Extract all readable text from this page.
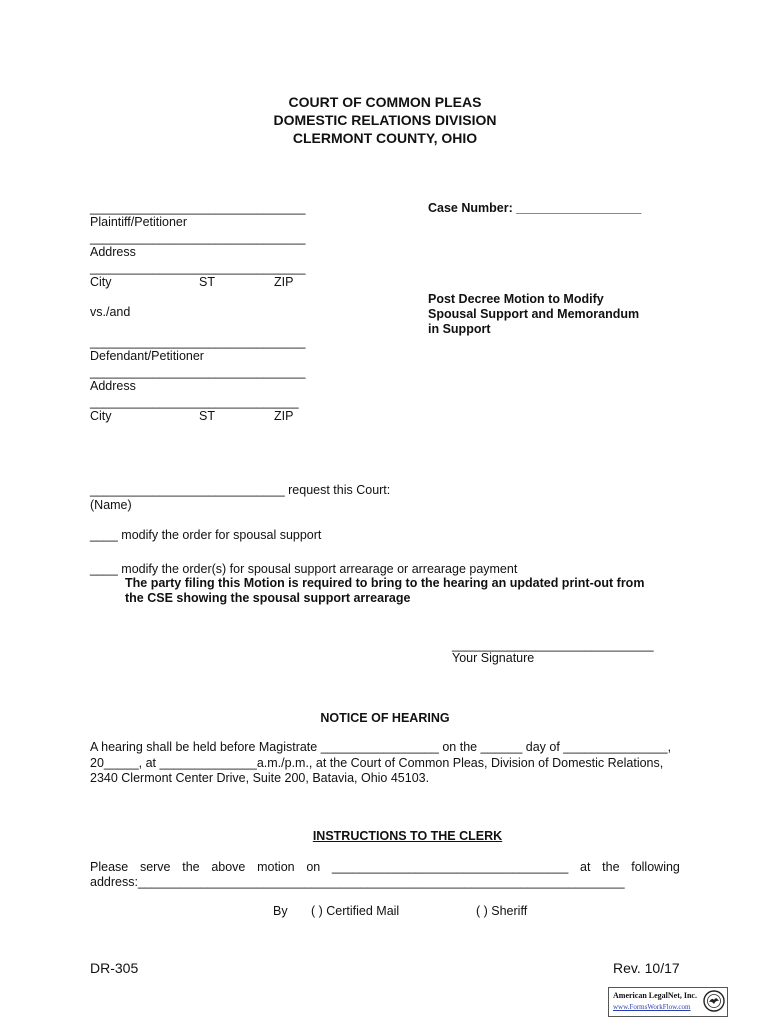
COURT OF COMMON PLEAS
DOMESTIC RELATIONS DIVISION
CLERMONT COUNTY, OHIO
_______________________________
Plaintiff/Petitioner
_______________________________
Address
_______________________________
City	ST	ZIP
vs./and
_______________________________
Defendant/Petitioner
_______________________________
Address
______________________________
City	ST	ZIP
Case Number: __________________
Post Decree Motion to Modify
Spousal Support and Memorandum
in Support
____________________________ request this Court:
(Name)
____ modify the order for spousal support
____ modify the order(s) for spousal support arrearage or arrearage payment
The party filing this Motion is required to bring to the hearing an updated print-out from
the CSE showing the spousal support arrearage
_____________________________
Your Signature
NOTICE OF HEARING
A hearing shall be held before Magistrate _________________ on the ______ day of _______________,
20_____, at ______________a.m./p.m., at the Court of Common Pleas, Division of Domestic Relations,
2340 Clermont Center Drive, Suite 200, Batavia, Ohio 45103.
INSTRUCTIONS TO THE CLERK
Please serve the above motion on __________________________________ at the following
address:______________________________________________________________________
By ( ) Certified Mail	( ) Sheriff
DR-305	Rev. 10/17
American LegalNet, Inc.
www.FormsWorkFlow.com
